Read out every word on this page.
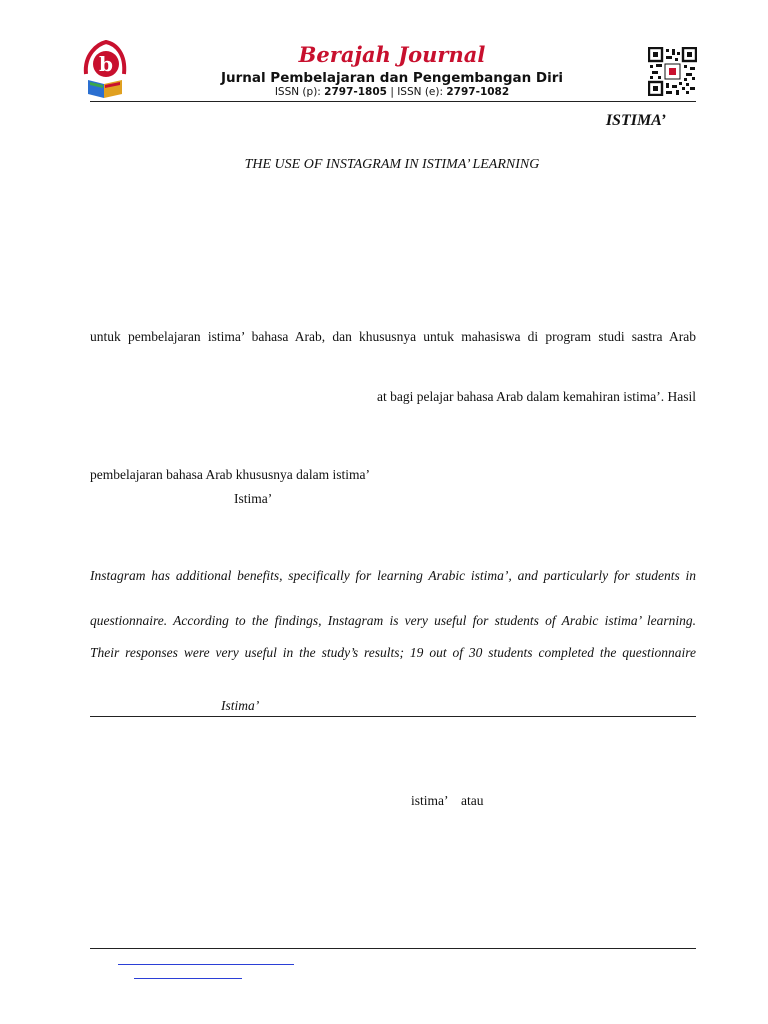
b	Berajah Journal
Jurnal Pembelajaran dan Pengembangan Diri
ISSN (p): 2797-1805 | ISSN (e): 2797-1082
ISTIMA’
THE USE OF INSTAGRAM IN ISTIMA’ LEARNING
untuk pembelajaran istima’ bahasa Arab, dan khususnya untuk mahasiswa di program studi sastra Arab
at bagi pelajar bahasa Arab dalam kemahiran istima’. Hasil
pembelajaran bahasa Arab khususnya dalam istima’
Istima’
Instagram has additional benefits, specifically for learning Arabic istima’, and particularly for students in
questionnaire. According to the findings, Instagram is very useful for students of Arabic istima’ learning.
Their responses were very useful in the study’s results; 19 out of 30 students completed the questionnaire
Istima’
istima’    atau
